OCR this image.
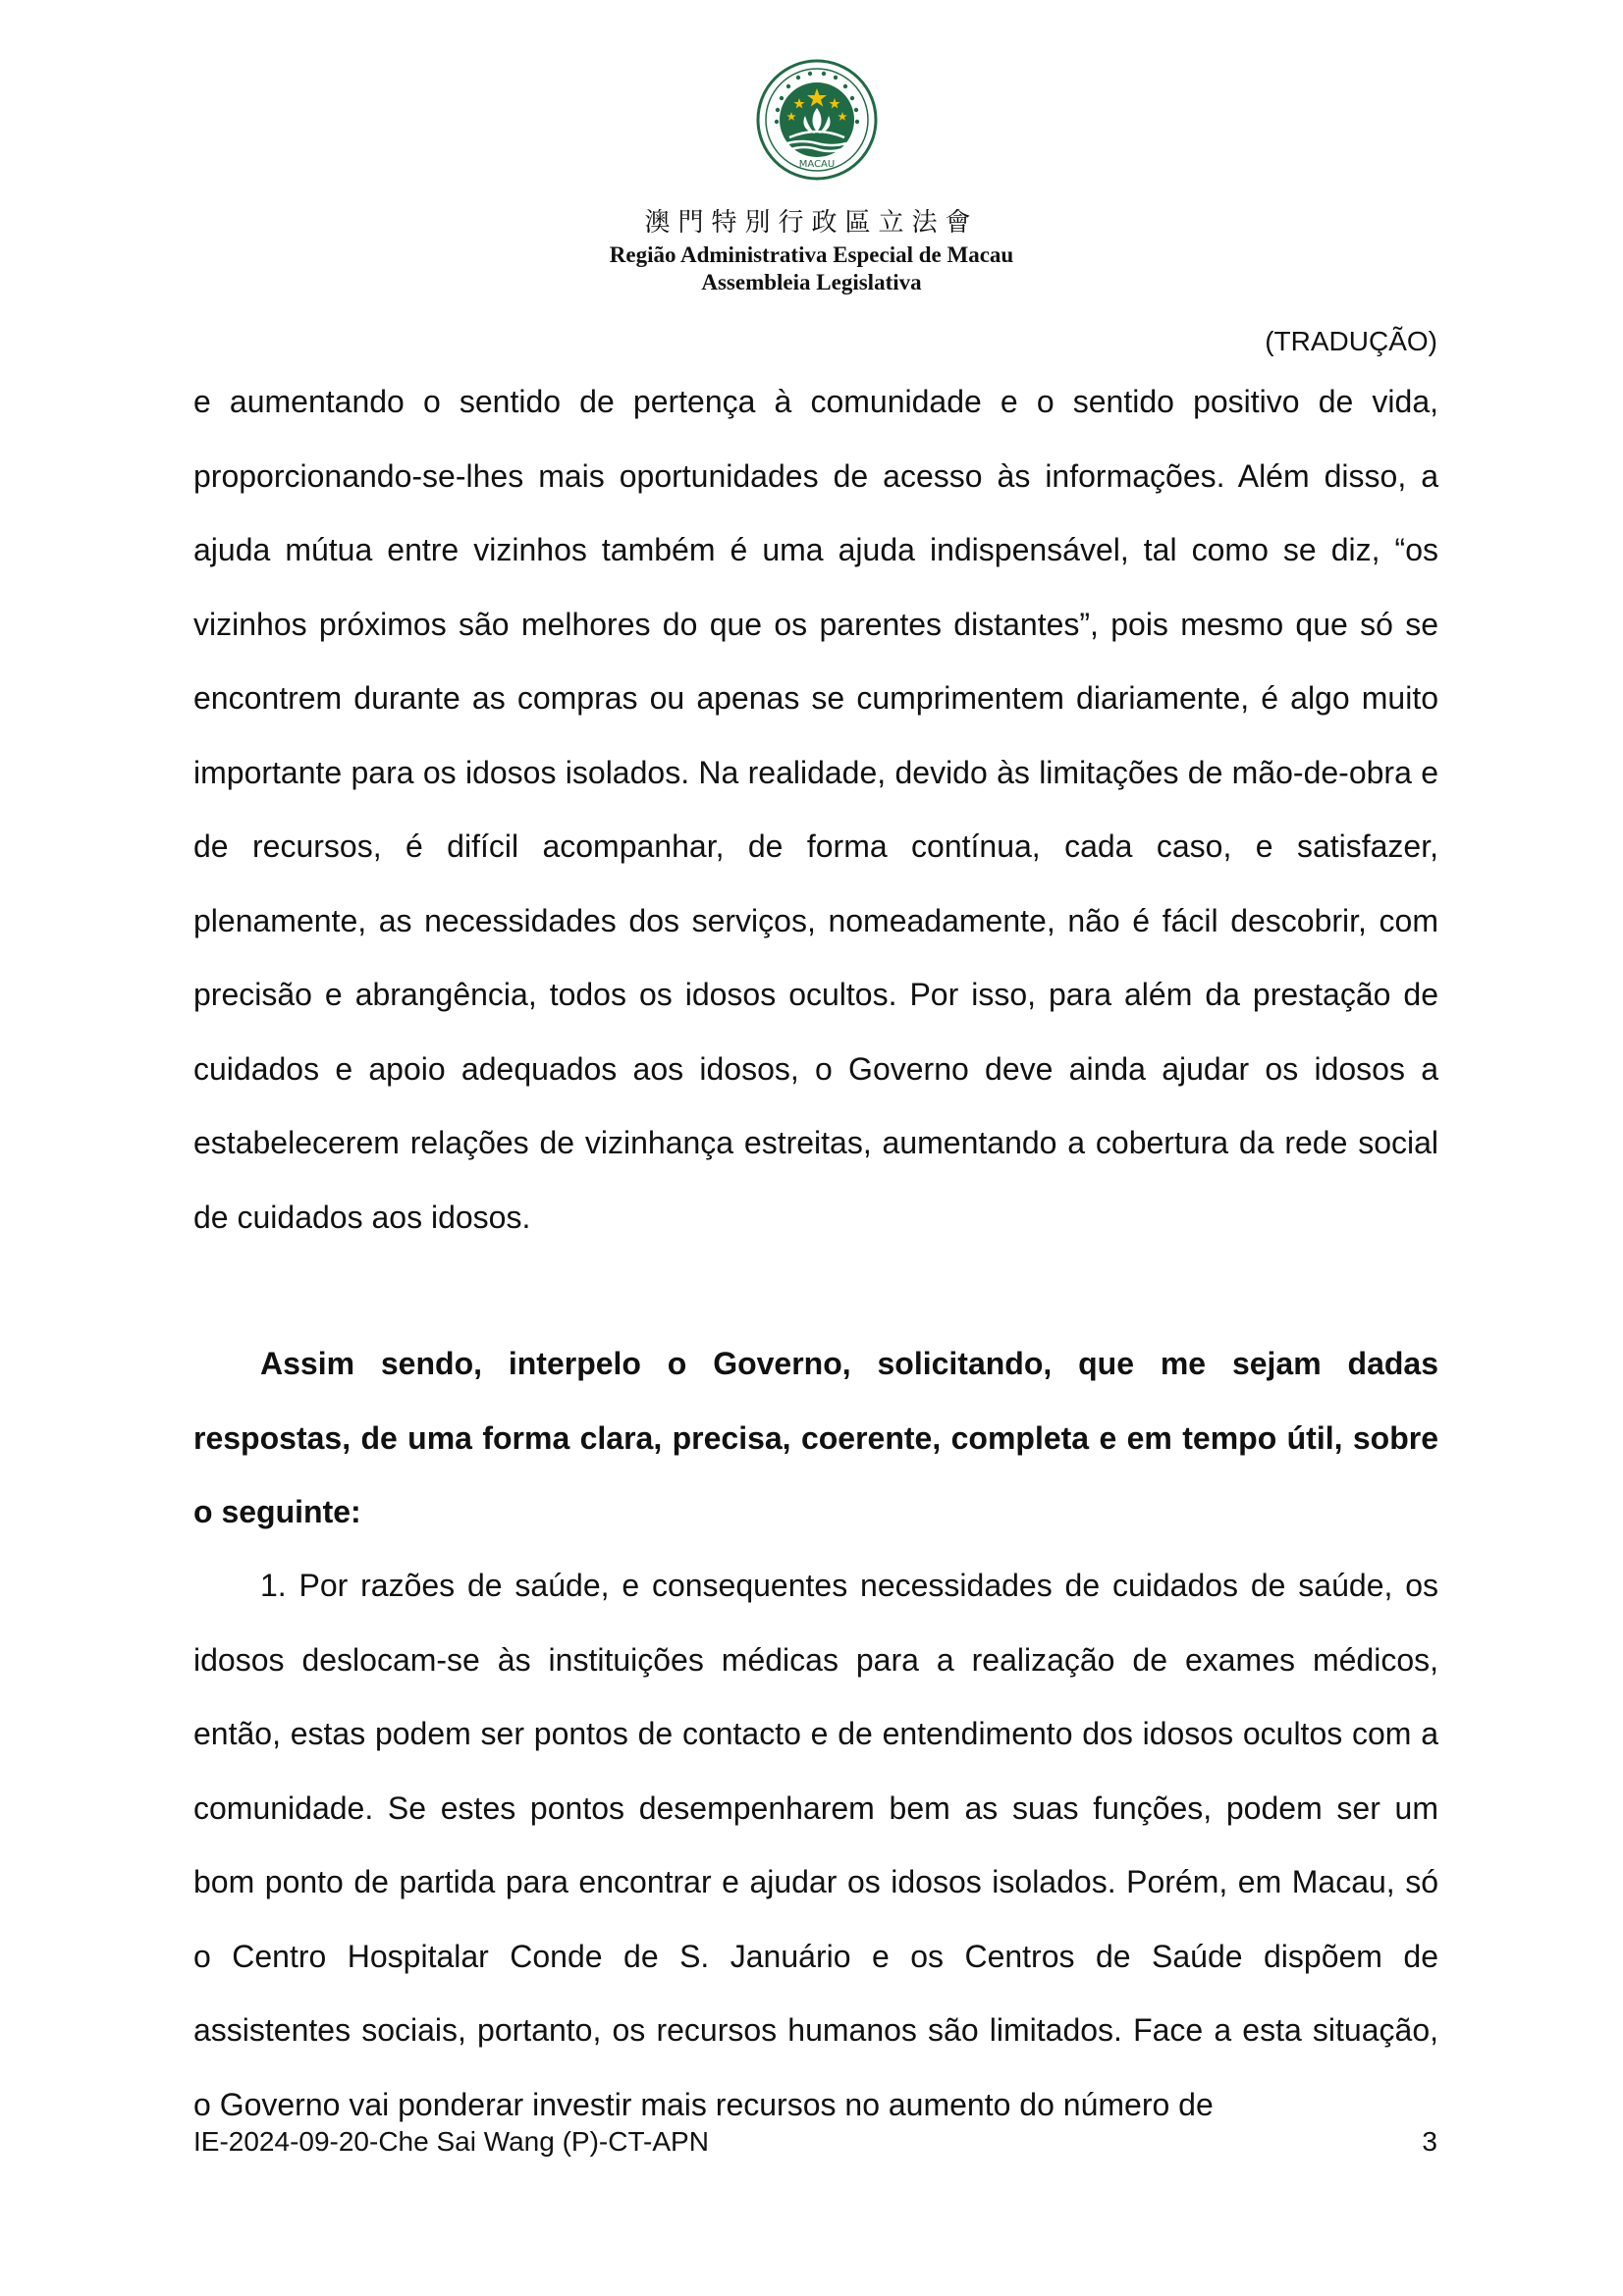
MACAU
澳門特別行政區立法會
Região Administrativa Especial de Macau
Assembleia Legislativa
(TRADUÇÃO)
e aumentando o sentido de pertença à comunidade e o sentido positivo de vida, proporcionando-se-lhes mais oportunidades de acesso às informações. Além disso, a ajuda mútua entre vizinhos também é uma ajuda indispensável, tal como se diz, “os vizinhos próximos são melhores do que os parentes distantes”, pois mesmo que só se encontrem durante as compras ou apenas se cumprimentem diariamente, é algo muito importante para os idosos isolados. Na realidade, devido às limitações de mão-de-obra e de recursos, é difícil acompanhar, de forma contínua, cada caso, e satisfazer, plenamente, as necessidades dos serviços, nomeadamente, não é fácil descobrir, com precisão e abrangência, todos os idosos ocultos. Por isso, para além da prestação de cuidados e apoio adequados aos idosos, o Governo deve ainda ajudar os idosos a estabelecerem relações de vizinhança estreitas, aumentando a cobertura da rede social de cuidados aos idosos.
Assim sendo, interpelo o Governo, solicitando, que me sejam dadas respostas, de uma forma clara, precisa, coerente, completa e em tempo útil, sobre o seguinte:
1. Por razões de saúde, e consequentes necessidades de cuidados de saúde, os idosos deslocam-se às instituições médicas para a realização de exames médicos, então, estas podem ser pontos de contacto e de entendimento dos idosos ocultos com a comunidade. Se estes pontos desempenharem bem as suas funções, podem ser um bom ponto de partida para encontrar e ajudar os idosos isolados. Porém, em Macau, só o Centro Hospitalar Conde de S. Januário e os Centros de Saúde dispõem de assistentes sociais, portanto, os recursos humanos são limitados. Face a esta situação, o Governo vai ponderar investir mais recursos no aumento do número de
IE-2024-09-20-Che Sai Wang (P)-CT-APN	3
